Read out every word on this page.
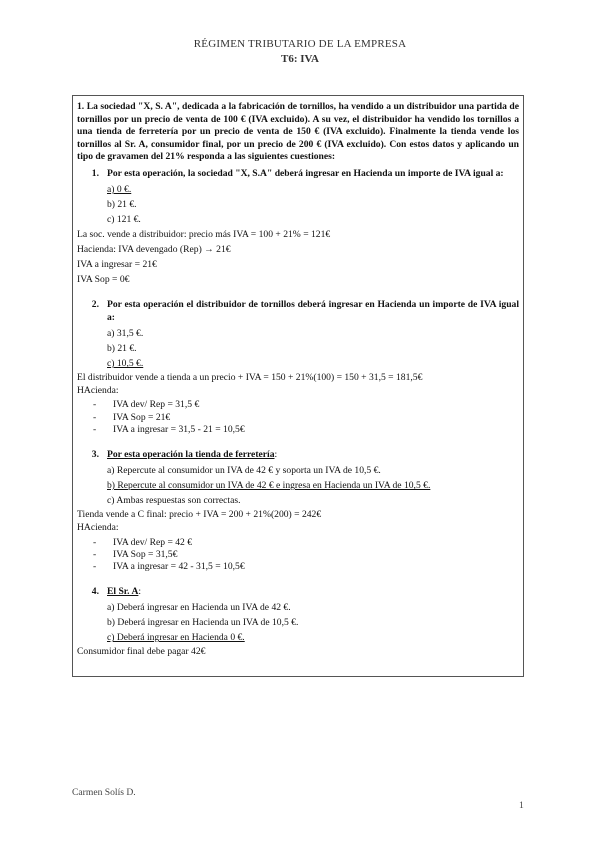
RÉGIMEN TRIBUTARIO DE LA EMPRESA
T6: IVA

1. La sociedad "X, S. A", dedicada a la fabricación de tornillos, ha vendido a un distribuidor una partida de tornillos por un precio de venta de 100 € (IVA excluido). A su vez, el distribuidor ha vendido los tornillos a una tienda de ferretería por un precio de venta de 150 € (IVA excluido). Finalmente la tienda vende los tornillos al Sr. A, consumidor final, por un precio de 200 € (IVA excluido). Con estos datos y aplicando un tipo de gravamen del 21% responda a las siguientes cuestiones:

1. Por esta operación, la sociedad "X, S.A" deberá ingresar en Hacienda un importe de IVA igual a:
a) 0 €.
b) 21 €.
c) 121 €.

La soc. vende a distribuidor: precio más IVA = 100 + 21% = 121€

Hacienda: IVA devengado (Rep) → 21€

IVA a ingresar = 21€

IVA Sop = 0€

2. Por esta operación el distribuidor de tornillos deberá ingresar en Hacienda un importe de IVA igual a:
a) 31,5 €.
b) 21 €.
c) 10,5 €.

El distribuidor vende a tienda a un precio + IVA = 150 + 21%(100) = 150 + 31,5 = 181,5€

HAcienda:

- IVA dev/ Rep = 31,5 €
- IVA Sop = 21€
- IVA a ingresar = 31,5 - 21 = 10,5€
3. Por esta operación la tienda de ferretería:
a) Repercute al consumidor un IVA de 42 € y soporta un IVA de 10,5 €.
b) Repercute al consumidor un IVA de 42 € e ingresa en Hacienda un IVA de 10,5 €.
c) Ambas respuestas son correctas.

Tienda vende a C final: precio + IVA = 200 + 21%(200) = 242€

HAcienda:

- IVA dev/ Rep = 42 €
- IVA Sop = 31,5€
- IVA a ingresar = 42 - 31,5 = 10,5€
4. El Sr. A:
a) Deberá ingresar en Hacienda un IVA de 42 €.
b) Deberá ingresar en Hacienda un IVA de 10,5 €.
c) Deberá ingresar en Hacienda 0 €.

Consumidor final debe pagar 42€

Carmen Solís D.
1
